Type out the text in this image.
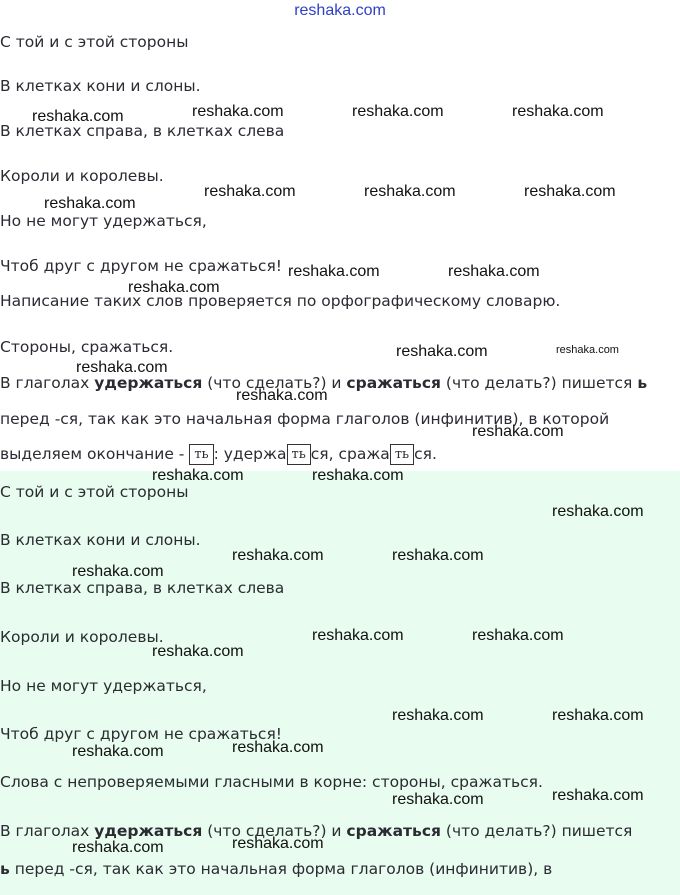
reshaka.com
С той и с этой стороны
В клетках кони и слоны.
В клетках справа, в клетках слева
Короли и королевы.
Но не могут удержаться,
Чтоб друг с другом не сражаться!
Написание таких слов проверяется по орфографическому словарю.
Стороны, сражаться.
В глаголах удержаться (что сделать?) и сражаться (что делать?) пишется ь
перед -ся, так как это начальная форма глаголов (инфинитив), в которой
выделяем окончание - ть : удержа ть ся, сража ть ся.
С той и с этой стороны
В клетках кони и слоны.
В клетках справа, в клетках слева
Короли и королевы.
Но не могут удержаться,
Чтоб друг с другом не сражаться!
Слова с непроверяемыми гласными в корне: стороны, сражаться.
В глаголах удержаться (что сделать?) и сражаться (что делать?) пишется
ь перед -ся, так как это начальная форма глаголов (инфинитив), в
reshaka.com	reshaka.com	reshaka.com	reshaka.com
reshaka.com
reshaka.com	reshaka.com	reshaka.com
reshaka.com	reshaka.com
reshaka.com
reshaka.com	reshaka.com
reshaka.com
reshaka.com
reshaka.com
reshaka.com	reshaka.com
reshaka.com
reshaka.com	reshaka.com
reshaka.com
reshaka.com	reshaka.com
reshaka.com
reshaka.com	reshaka.com
reshaka.com
reshaka.com
reshaka.com
reshaka.com
reshaka.com
reshaka.com
